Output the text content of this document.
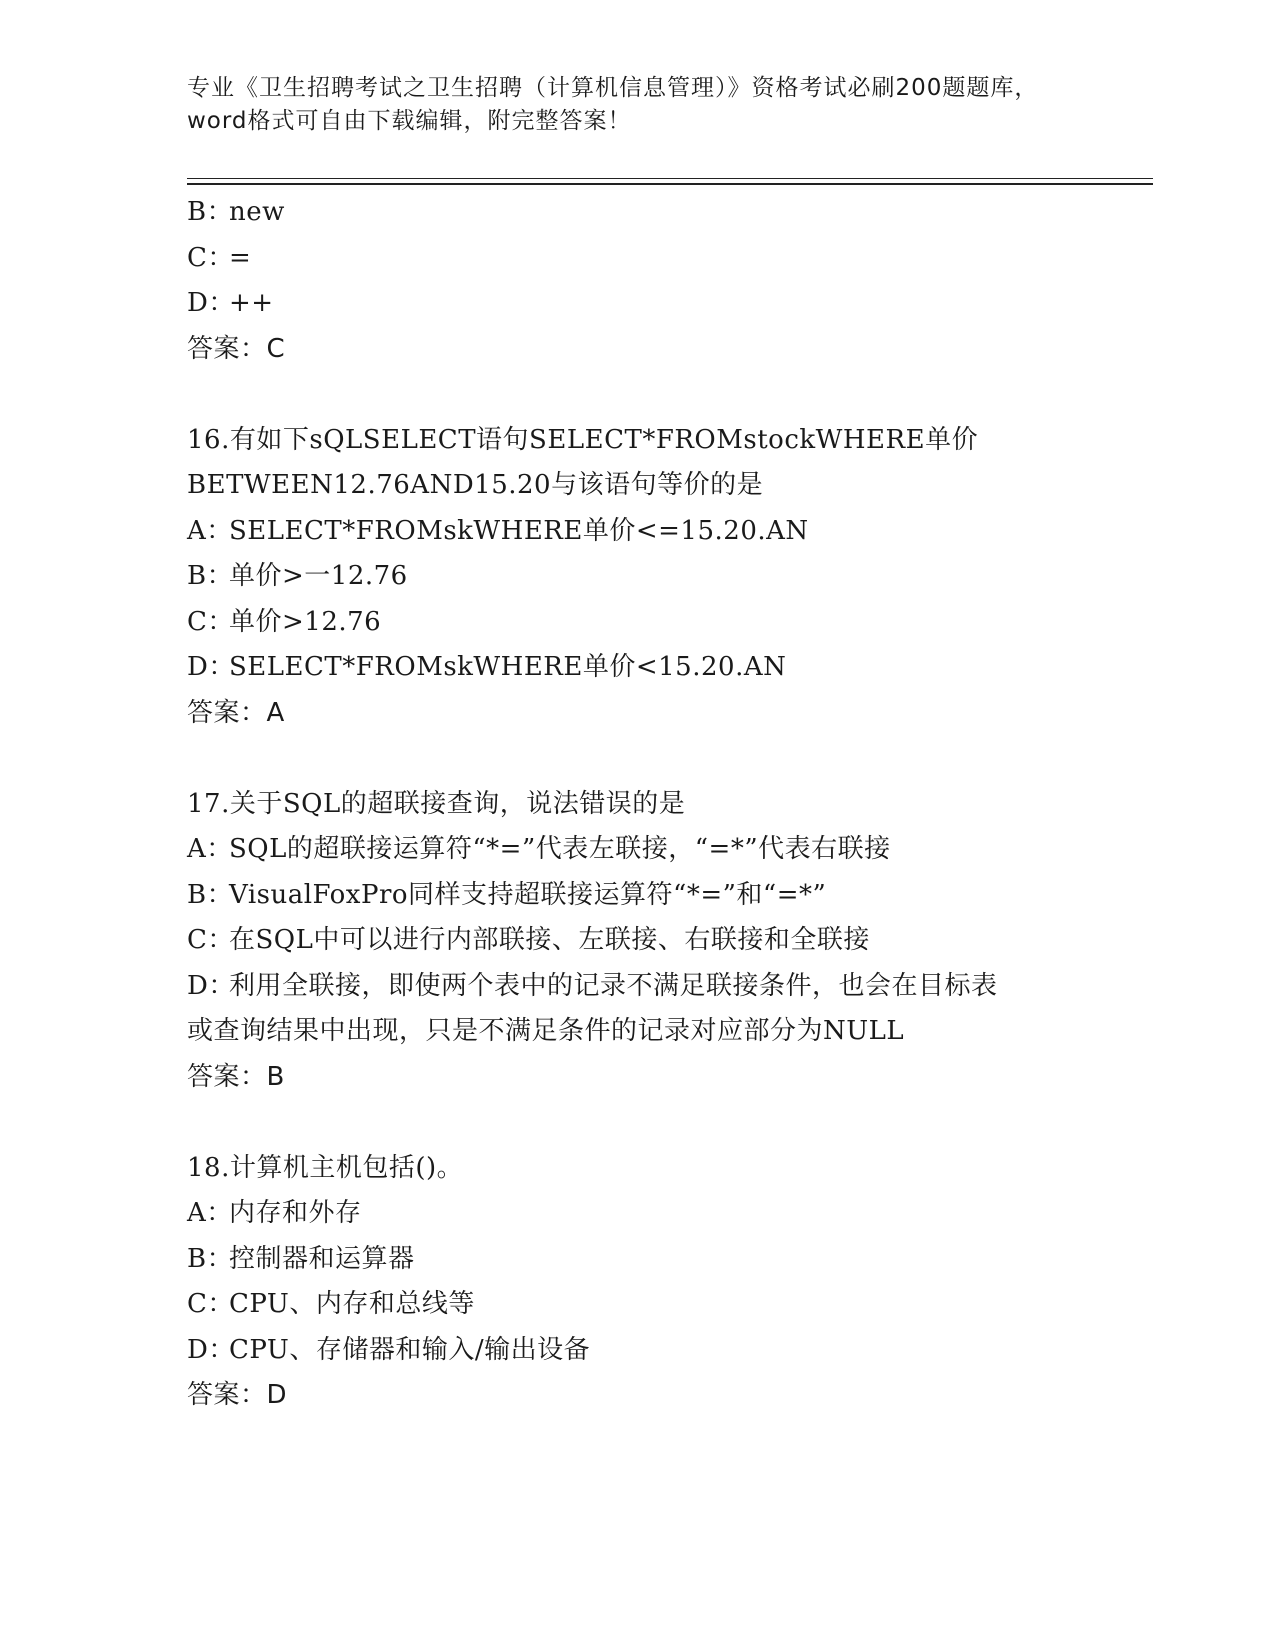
专业《卫生招聘考试之卫生招聘（计算机信息管理）》资格考试必刷200题题库，
word格式可自由下载编辑，附完整答案！
B：new
C：=
D：++
答案：C
16.有如下sQLSELECT语句SELECT*FROMstockWHERE单价
BETWEEN12.76AND15.20与该语句等价的是
A：SELECT*FROMskWHERE单价<=15.20.AN
B：单价>一12.76
C：单价>12.76
D：SELECT*FROMskWHERE单价<15.20.AN
答案：A
17.关于SQL的超联接查询，说法错误的是
A：SQL的超联接运算符“*=”代表左联接，“=*”代表右联接
B：VisualFoxPro同样支持超联接运算符“*=”和“=*”
C：在SQL中可以进行内部联接、左联接、右联接和全联接
D：利用全联接，即使两个表中的记录不满足联接条件，也会在目标表
或查询结果中出现，只是不满足条件的记录对应部分为NULL
答案：B
18.计算机主机包括()。
A：内存和外存
B：控制器和运算器
C：CPU、内存和总线等
D：CPU、存储器和输入/输出设备
答案：D
